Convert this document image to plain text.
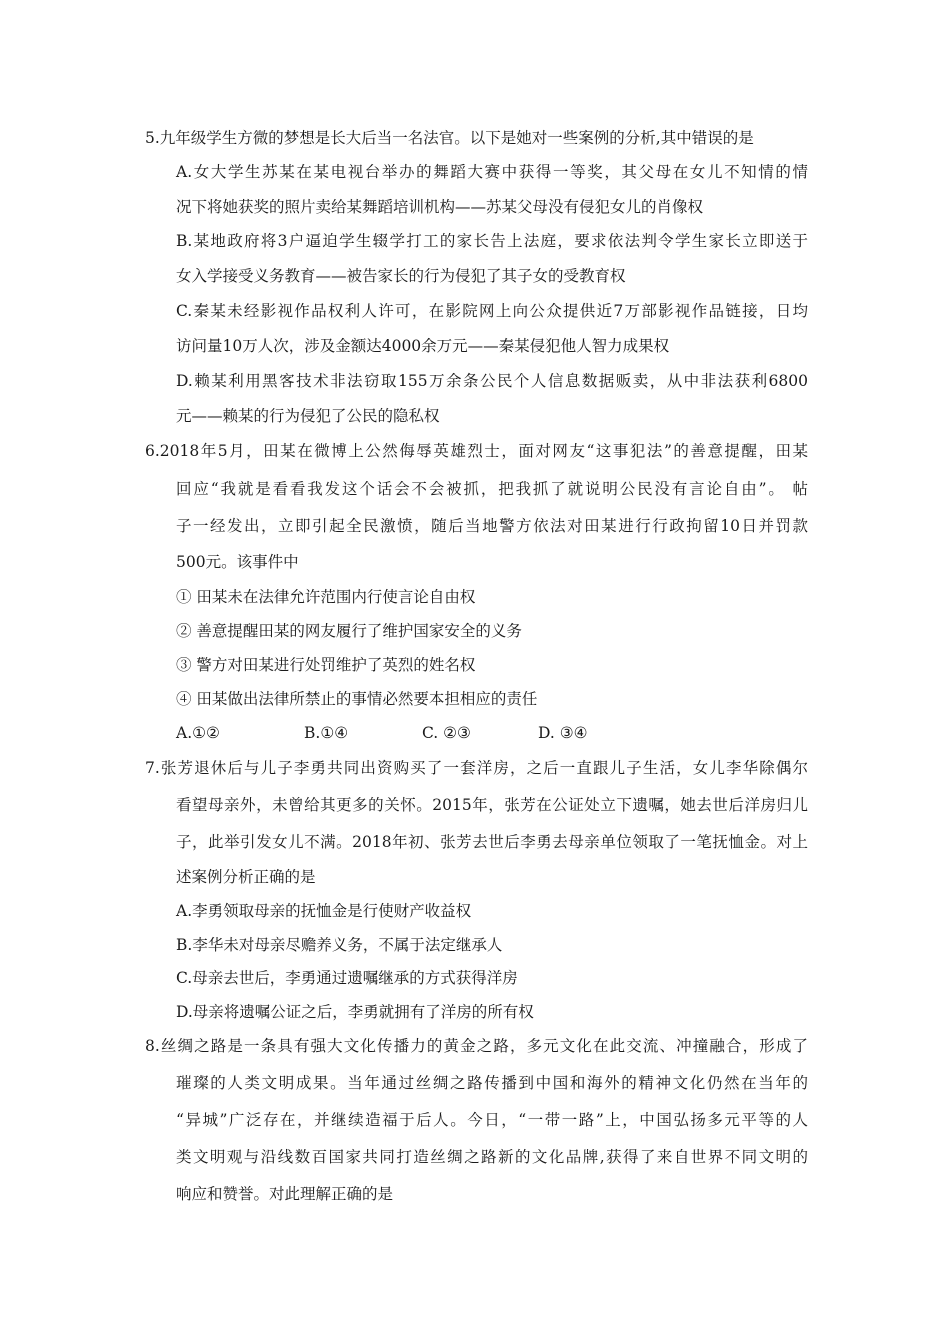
5.九年级学生方微的梦想是长大后当一名法官。以下是她对一些案例的分析,其中错误的是
A.女大学生苏某在某电视台举办的舞蹈大赛中获得一等奖，其父母在女儿不知情的情
况下将她获奖的照片卖给某舞蹈培训机构——苏某父母没有侵犯女儿的肖像权
B.某地政府将3户逼迫学生辍学打工的家长告上法庭，要求依法判令学生家长立即送于
女入学接受义务教育——被告家长的行为侵犯了其子女的受教育权
C.秦某未经影视作品权利人许可，在影院网上向公众提供近7万部影视作品链接，日均
访问量10万人次，涉及金额达4000余万元——秦某侵犯他人智力成果权
D.赖某利用黑客技术非法窃取155万余条公民个人信息数据贩卖，从中非法获利6800
元——赖某的行为侵犯了公民的隐私权
6.2018年5月，田某在微博上公然侮辱英雄烈士，面对网友“这事犯法”的善意提醒，田某
回应“我就是看看我发这个话会不会被抓，把我抓了就说明公民没有言论自由”。 帖
子一经发出，立即引起全民激愤，随后当地警方依法对田某进行行政拘留10日并罚款
500元。该事件中
① 田某未在法律允许范围内行使言论自由权
② 善意提醒田某的网友履行了维护国家安全的义务
③ 警方对田某进行处罚维护了英烈的姓名权
④ 田某做出法律所禁止的事情必然要本担相应的责任
A.①②	B.①④	C. ②③	D. ③④
7.张芳退休后与儿子李勇共同出资购买了一套洋房，之后一直跟儿子生活，女儿李华除偶尔
看望母亲外，未曾给其更多的关怀。2015年，张芳在公证处立下遗嘱，她去世后洋房归儿
子，此举引发女儿不满。2018年初、张芳去世后李勇去母亲单位领取了一笔抚恤金。对上
述案例分析正确的是
A.李勇领取母亲的抚恤金是行使财产收益权
B.李华未对母亲尽赡养义务，不属于法定继承人
C.母亲去世后，李勇通过遗嘱继承的方式获得洋房
D.母亲将遗嘱公证之后，李勇就拥有了洋房的所有权
8.丝绸之路是一条具有强大文化传播力的黄金之路，多元文化在此交流、冲撞融合，形成了
璀璨的人类文明成果。当年通过丝绸之路传播到中国和海外的精神文化仍然在当年的
“异城”广泛存在，并继续造福于后人。今日，“一带一路”上，中国弘扬多元平等的人
类文明观与沿线数百国家共同打造丝绸之路新的文化品牌,获得了来自世界不同文明的
响应和赞誉。对此理解正确的是
